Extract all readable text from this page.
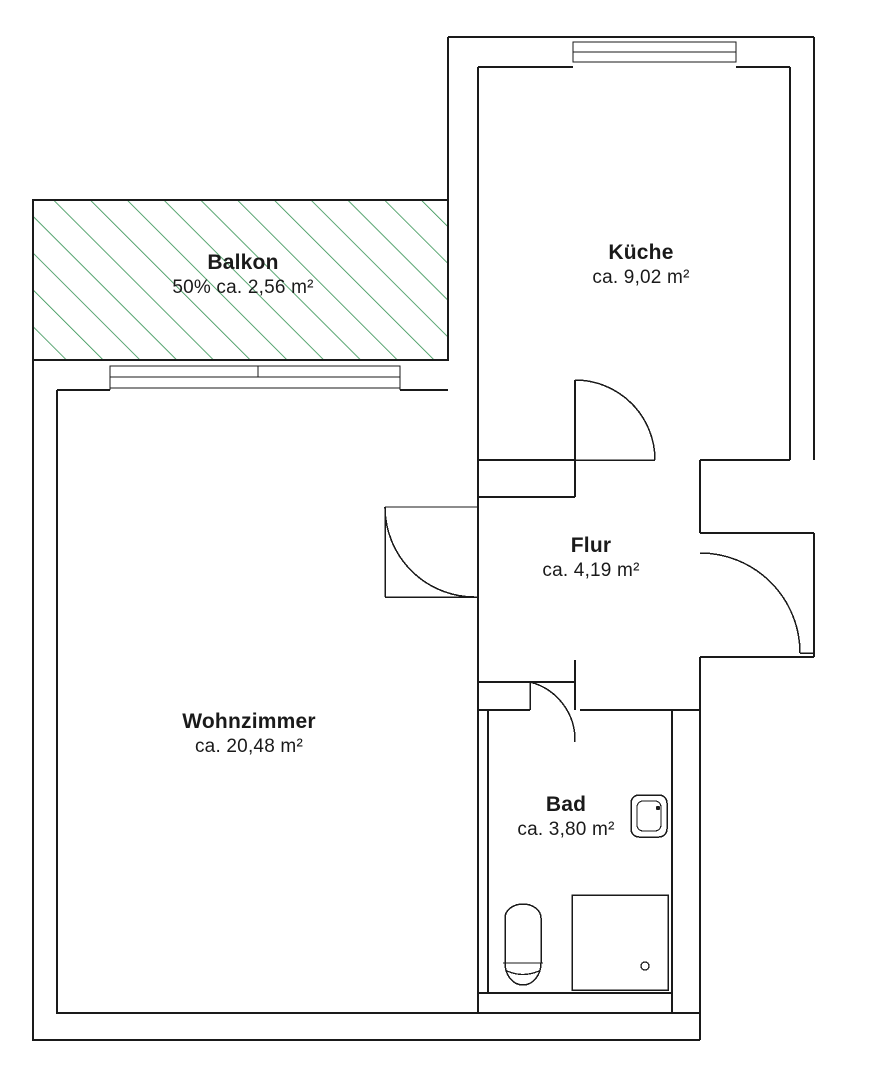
Balkon
50% ca. 2,56 m²
Küche
ca. 9,02 m²
Flur
ca. 4,19 m²
Wohnzimmer
ca. 20,48 m²
Bad
ca. 3,80 m²
